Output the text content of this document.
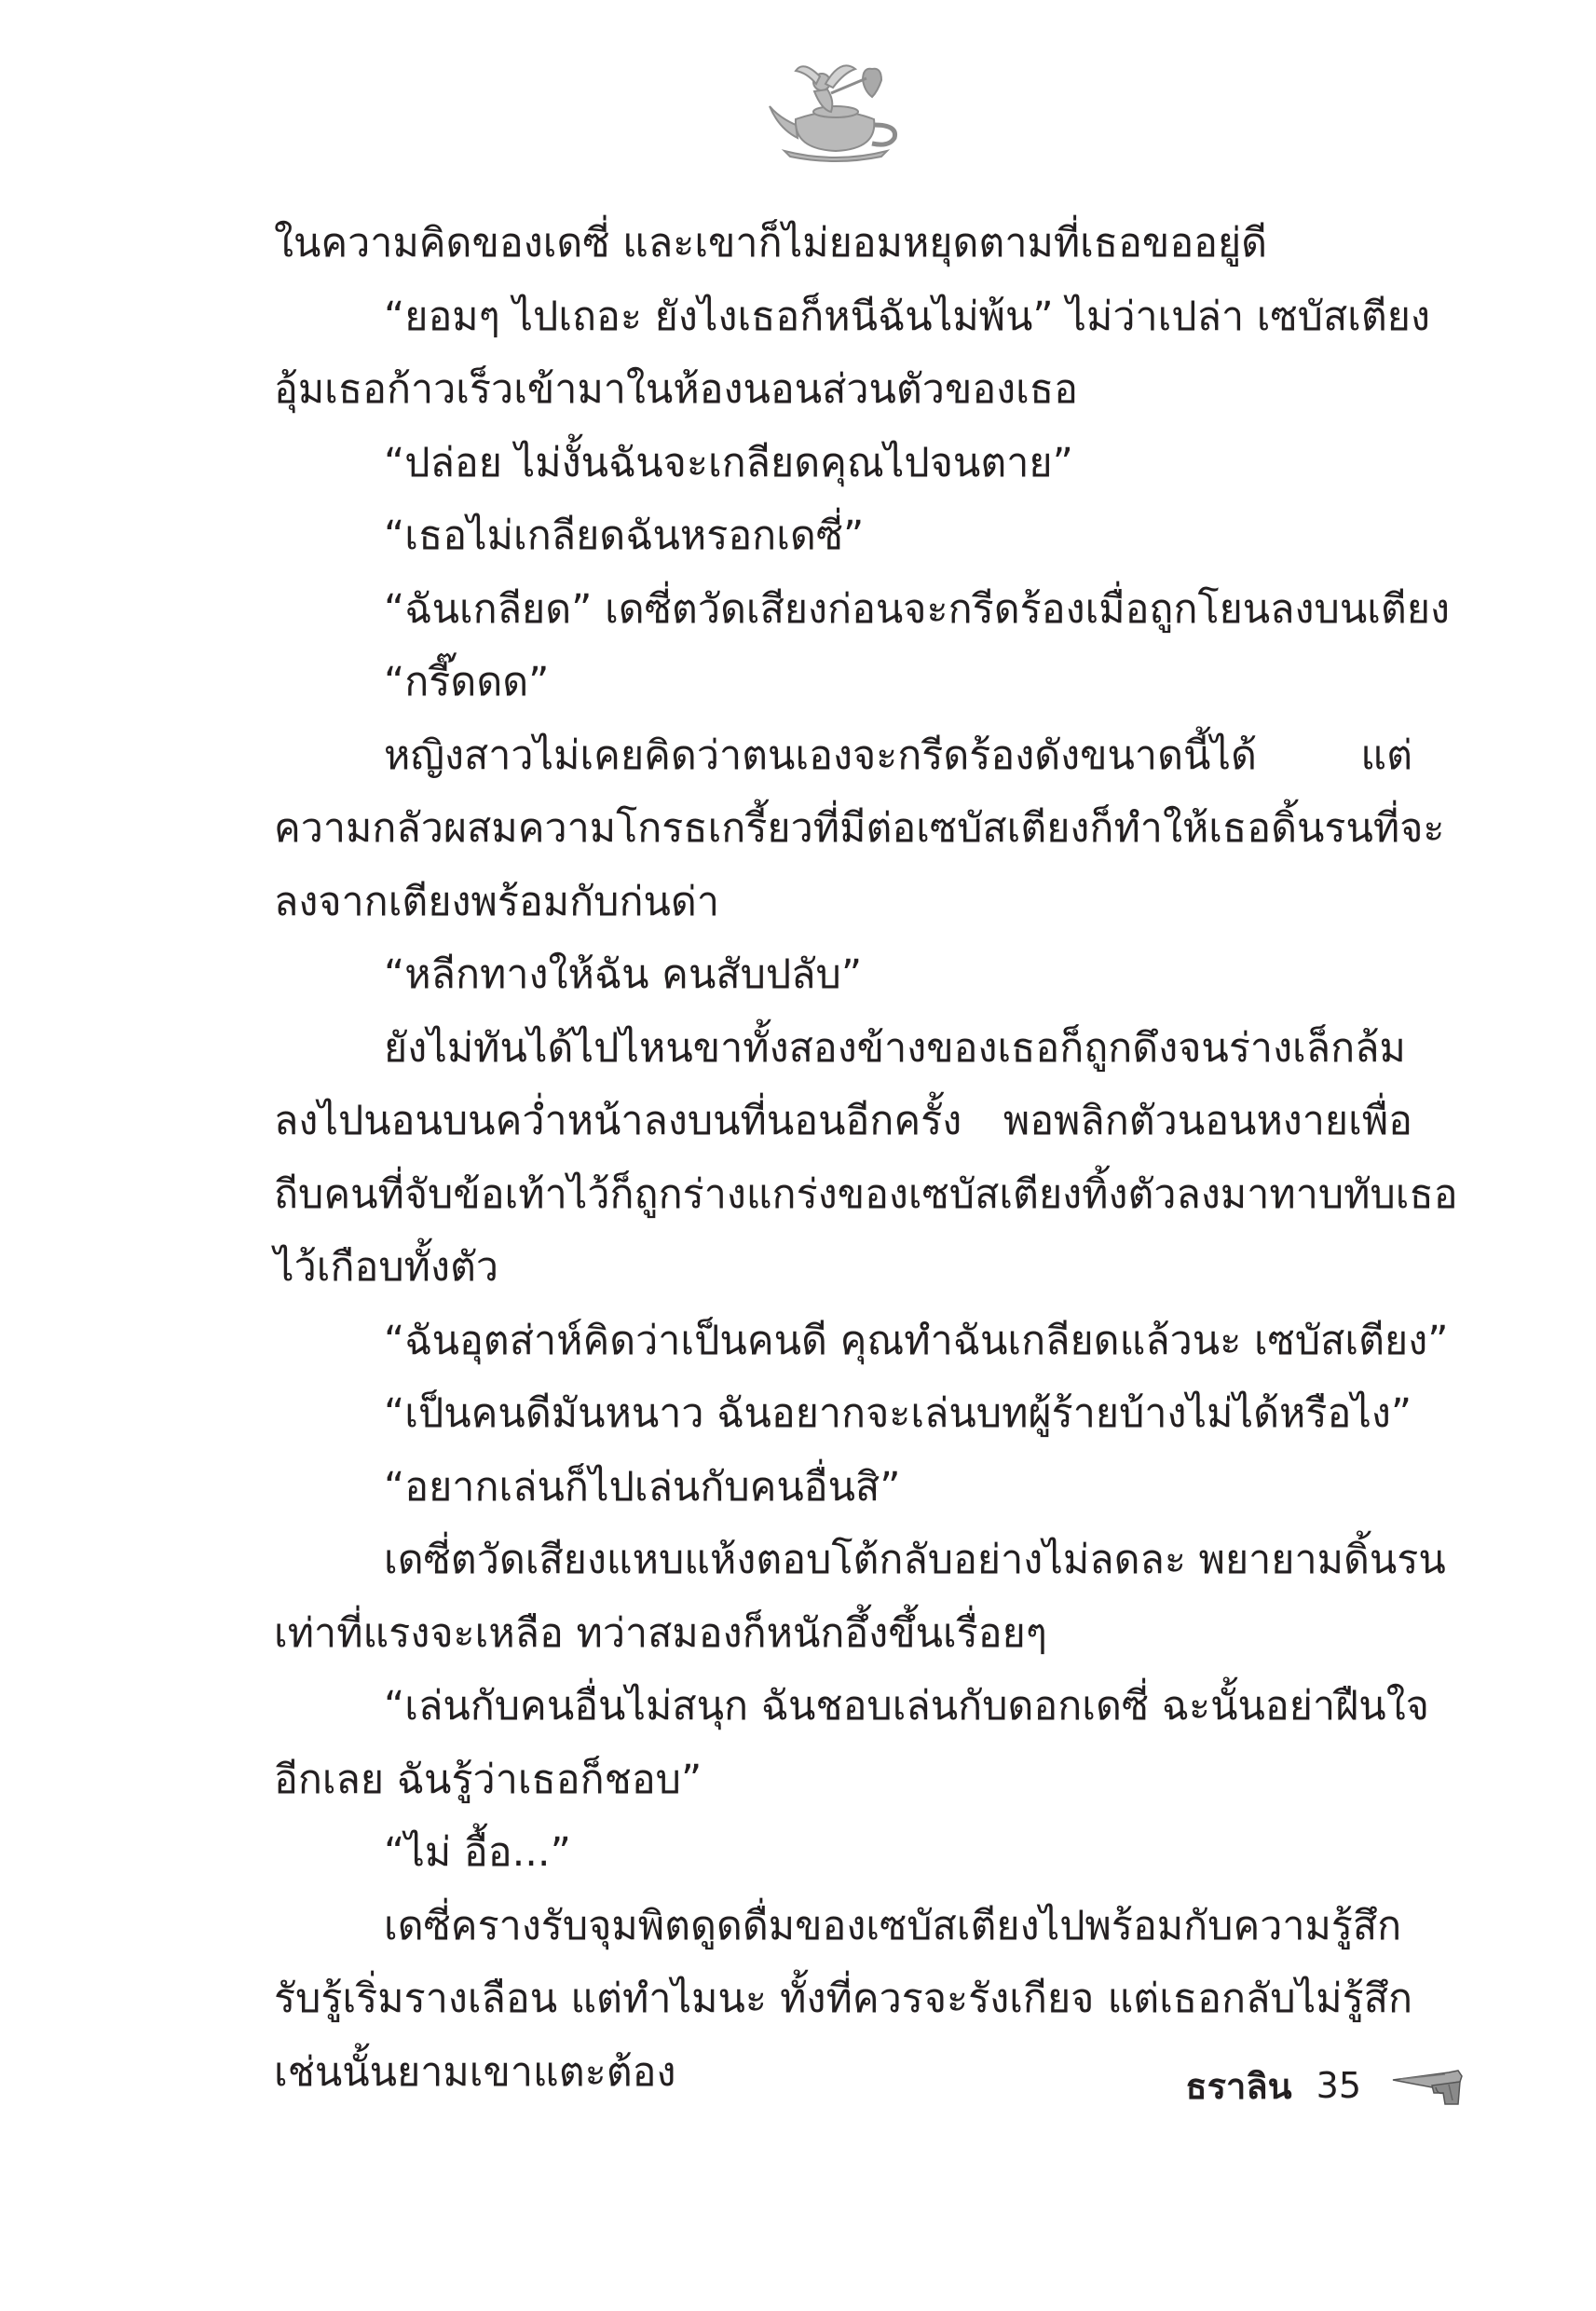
ในความคิดของเดซี่ และเขาก็ไม่ยอมหยุดตามที่เธอขออยู่ดี
“ยอมๆ ไปเถอะ ยังไงเธอก็หนีฉันไม่พ้น” ไม่ว่าเปล่า เซบัสเตียง
อุ้มเธอก้าวเร็วเข้ามาในห้องนอนส่วนตัวของเธอ
“ปล่อย ไม่งั้นฉันจะเกลียดคุณไปจนตาย”
“เธอไม่เกลียดฉันหรอกเดซี่”
“ฉันเกลียด” เดซี่ตวัดเสียงก่อนจะกรีดร้องเมื่อถูกโยนลงบนเตียง
“กรี๊ดดด”
หญิงสาวไม่เคยคิดว่าตนเองจะกรีดร้องดังขนาดนี้ได้ แต่
ความกลัวผสมความโกรธเกรี้ยวที่มีต่อเซบัสเตียงก็ทำให้เธอดิ้นรนที่จะ
ลงจากเตียงพร้อมกับก่นด่า
“หลีกทางให้ฉัน คนสับปลับ”
ยังไม่ทันได้ไปไหนขาทั้งสองข้างของเธอก็ถูกดึงจนร่างเล็กล้ม
ลงไปนอนบนคว่ำหน้าลงบนที่นอนอีกครั้ง พอพลิกตัวนอนหงายเพื่อ
ถีบคนที่จับข้อเท้าไว้ก็ถูกร่างแกร่งของเซบัสเตียงทิ้งตัวลงมาทาบทับเธอ
ไว้เกือบทั้งตัว
“ฉันอุตส่าห์คิดว่าเป็นคนดี คุณทำฉันเกลียดแล้วนะ เซบัสเตียง”
“เป็นคนดีมันหนาว ฉันอยากจะเล่นบทผู้ร้ายบ้างไม่ได้หรือไง”
“อยากเล่นก็ไปเล่นกับคนอื่นสิ”
เดซี่ตวัดเสียงแหบแห้งตอบโต้กลับอย่างไม่ลดละ พยายามดิ้นรน
เท่าที่แรงจะเหลือ ทว่าสมองก็หนักอึ้งขึ้นเรื่อยๆ
“เล่นกับคนอื่นไม่สนุก ฉันชอบเล่นกับดอกเดซี่ ฉะนั้นอย่าฝืนใจ
อีกเลย ฉันรู้ว่าเธอก็ชอบ”
“ไม่ อื้อ...”
เดซี่ครางรับจุมพิตดูดดื่มของเซบัสเตียงไปพร้อมกับความรู้สึก
รับรู้เริ่มรางเลือน แต่ทำไมนะ ทั้งที่ควรจะรังเกียจ แต่เธอกลับไม่รู้สึก
เช่นนั้นยามเขาแตะต้อง	ธราลิน 35
